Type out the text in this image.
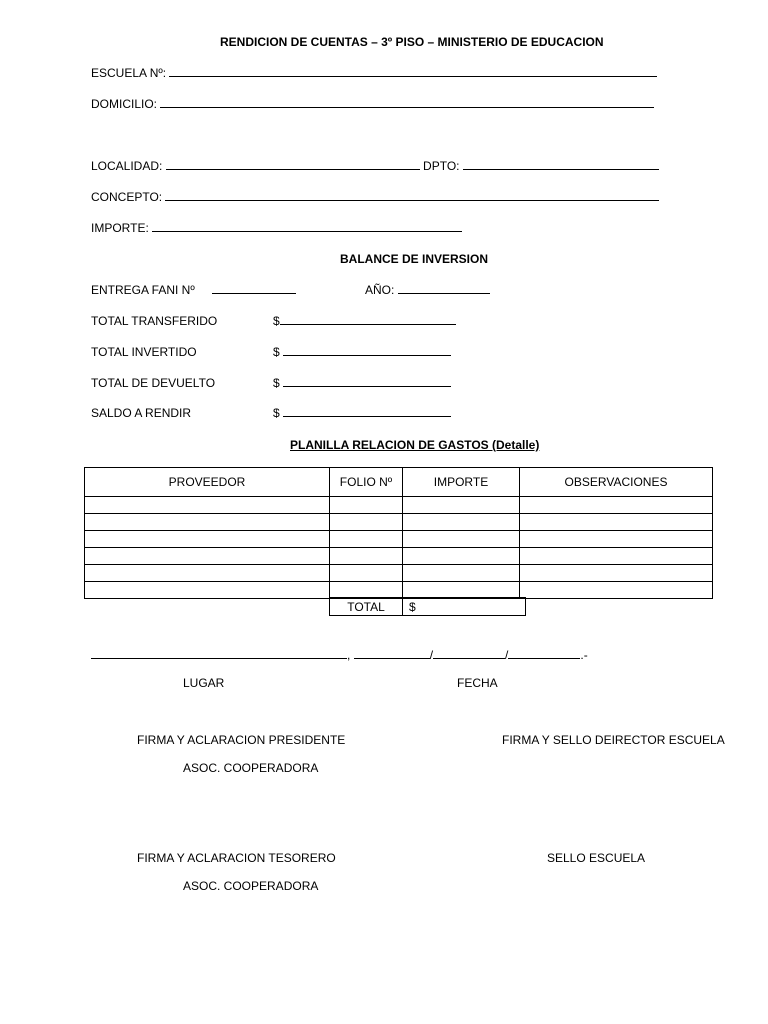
RENDICION DE CUENTAS – 3º PISO – MINISTERIO DE EDUCACION
ESCUELA Nº:
DOMICILIO:
LOCALIDAD:	DPTO:
CONCEPTO:
IMPORTE:
BALANCE DE INVERSION
ENTREGA FANI Nº	AÑO:
TOTAL TRANSFERIDO	$
TOTAL INVERTIDO	$
TOTAL DE DEVUELTO	$
SALDO A RENDIR	$
PLANILLA RELACION DE GASTOS (Detalle)
PROVEEDOR	FOLIO Nº	IMPORTE	OBSERVACIONES

TOTAL	$
,	/	/	.-
LUGAR	FECHA
FIRMA Y ACLARACION PRESIDENTE	FIRMA Y SELLO DEIRECTOR ESCUELA
ASOC. COOPERADORA
FIRMA Y ACLARACION TESORERO	SELLO ESCUELA
ASOC. COOPERADORA
